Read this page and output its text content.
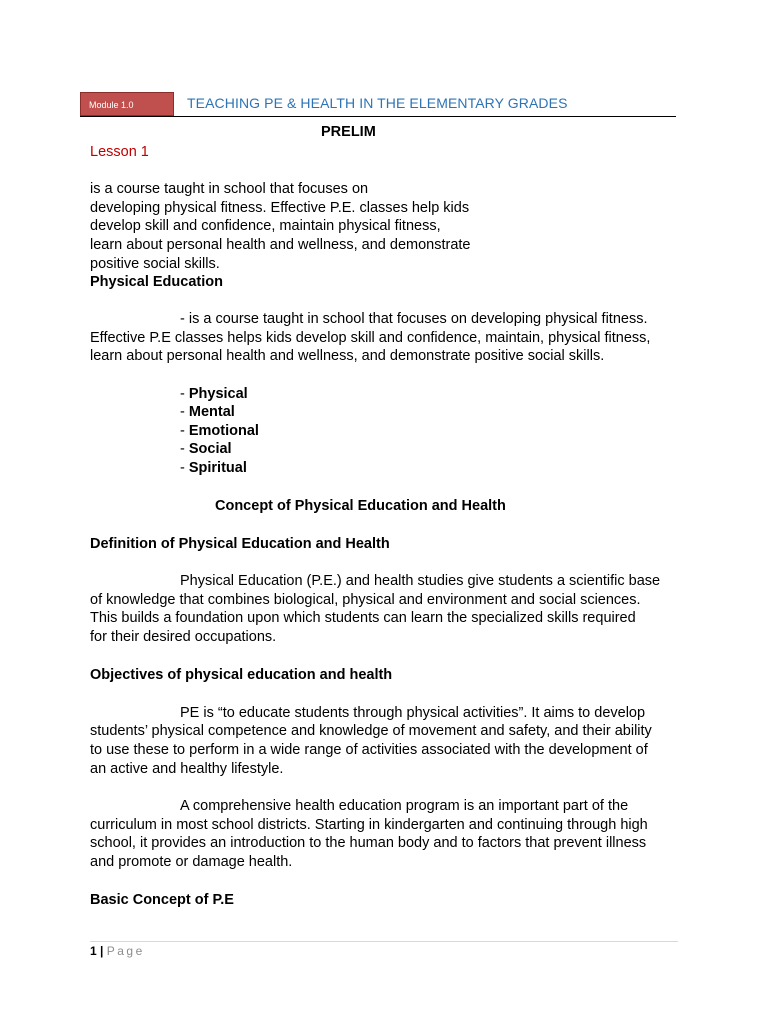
Module 1.0	TEACHING PE & HEALTH IN THE ELEMENTARY GRADES
PRELIM
Lesson 1
is a course taught in school that focuses on
developing physical fitness. Effective P.E. classes help kids
develop skill and confidence, maintain physical fitness,
learn about personal health and wellness, and demonstrate
positive social skills.
Physical Education
- is a course taught in school that focuses on developing physical fitness.
Effective P.E classes helps kids develop skill and confidence, maintain, physical fitness,
learn about personal health and wellness, and demonstrate positive social skills.
- Physical
- Mental
- Emotional
- Social
- Spiritual
Concept of Physical Education and Health
Definition of Physical Education and Health
Physical Education (P.E.) and health studies give students a scientific base
of knowledge that combines biological, physical and environment and social sciences.
This builds a foundation upon which students can learn the specialized skills required
for their desired occupations.
Objectives of physical education and health
PE is “to educate students through physical activities”. It aims to develop
students’ physical competence and knowledge of movement and safety, and their ability
to use these to perform in a wide range of activities associated with the development of
an active and healthy lifestyle.
A comprehensive health education program is an important part of the
curriculum in most school districts. Starting in kindergarten and continuing through high
school, it provides an introduction to the human body and to factors that prevent illness
and promote or damage health.
Basic Concept of P.E
1 | Page
